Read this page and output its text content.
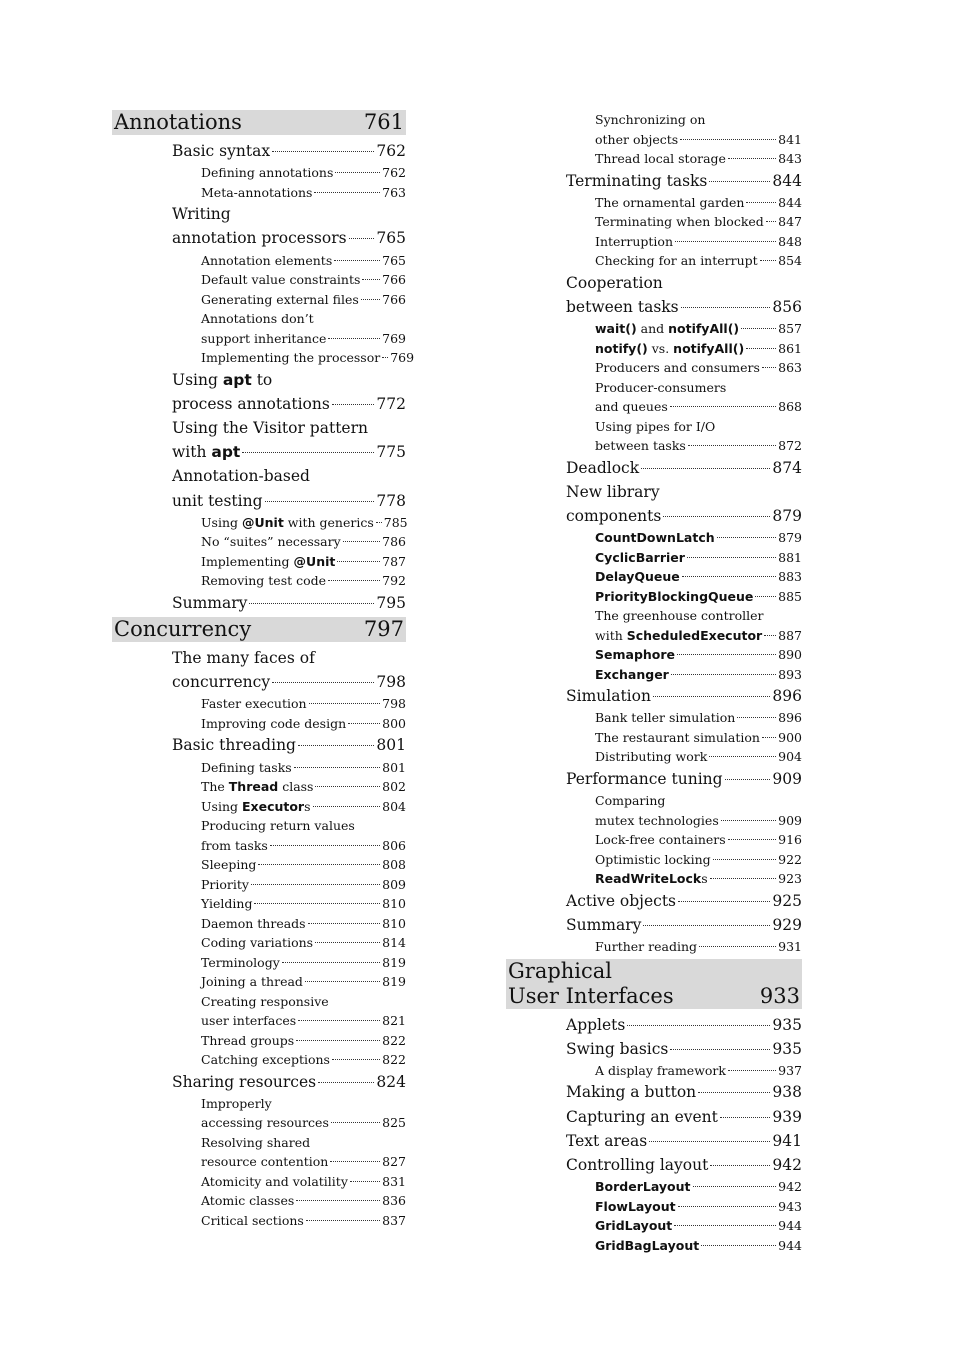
Annotations	761
Basic syntax	762
Defining annotations	762
Meta-annotations	763
Writing
annotation processors 765
Annotation elements	765
Default value constraints 766
Generating external files 766
Annotations don’t
support inheritance	769
Implementing the processor 769
Using apt to
process annotations	772
Using the Visitor pattern
with apt	775
Annotation-based
unit testing	778
Using @Unit with generics 785
No “suites” necessary	786
Implementing @Unit	787
Removing test code	792
Summary	795
Concurrency	797
The many faces of
concurrency	798
Faster execution	798
Improving code design	800
Basic threading	801
Defining tasks	801
The Thread class	802
Using Executors	804
Producing return values
from tasks	806
Sleeping	808
Priority	809
Yielding	810
Daemon threads	810
Coding variations	814
Terminology	819
Joining a thread	819
Creating responsive
user interfaces	821
Thread groups	822
Catching exceptions	822
Sharing resources	824
Improperly
accessing resources	825
Resolving shared
resource contention	827
Atomicity and volatility	831
Atomic classes	836
Critical sections	837
Synchronizing on
other objects	841
Thread local storage	843
Terminating tasks	844
The ornamental garden	844
Terminating when blocked 847
Interruption	848
Checking for an interrupt 854
Cooperation
between tasks	856
wait() and notifyAll()	857
notify() vs. notifyAll()	861
Producers and consumers 863
Producer-consumers
and queues	868
Using pipes for I/O
between tasks	872
Deadlock	874
New library
components	879
CountDownLatch	879
CyclicBarrier	881
DelayQueue	883
PriorityBlockingQueue 885
The greenhouse controller
with ScheduledExecutor 887
Semaphore	890
Exchanger	893
Simulation	896
Bank teller simulation	896
The restaurant simulation 900
Distributing work	904
Performance tuning	909
Comparing
mutex technologies	909
Lock-free containers	916
Optimistic locking	922
ReadWriteLocks	923
Active objects	925
Summary	929
Further reading	931
Graphical
User Interfaces	933
Applets	935
Swing basics	935
A display framework	937
Making a button	938
Capturing an event	939
Text areas	941
Controlling layout	942
BorderLayout	942
FlowLayout	943
GridLayout	944
GridBagLayout	944
